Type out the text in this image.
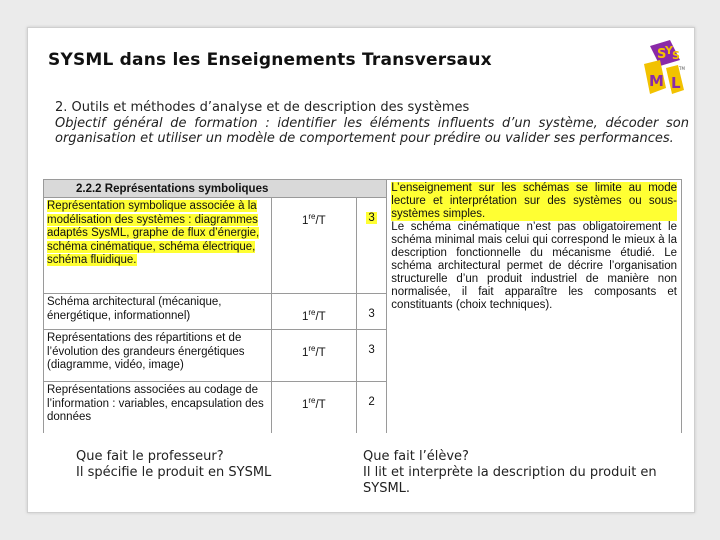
SYSML dans les Enseignements Transversaux	S
Y S
M L
TM
2. Outils et méthodes d’analyse et de description des systèmes
Objectif général de formation : identifier les éléments influents d’un système, décoder son organisation et utiliser un modèle de comportement pour prédire ou valider ses performances.
2.2.2 Représentations symboliques			L’enseignement sur les schémas se limite au mode lecture et interprétation sur des systèmes ou sous-systèmes simples.
Le schéma cinématique n’est pas obligatoirement le schéma minimal mais celui qui correspond le mieux à la description fonctionnelle du mécanisme étudié. Le schéma architectural permet de décrire l’organisation structurelle d’un produit industriel de manière non normalisée, il fait apparaître les composants et constituants (choix techniques).

Représentation symbolique associée à la modélisation des systèmes : diagrammes adaptés SysML, graphe de flux d’énergie, schéma cinématique, schéma électrique, schéma fluidique.	1re/T	3	
Schéma architectural (mécanique, énergétique, informationnel)	1re/T	3	
Représentations des répartitions et de l’évolution des grandeurs énergétiques (diagramme, vidéo, image)	1re/T	3	
Représentations associées au codage de l’information : variables, encapsulation des données	1re/T	2	
Que fait le professeur?
Il spécifie le produit en SYSML
Que fait l’élève?
Il lit et interprète la description du produit en SYSML.
